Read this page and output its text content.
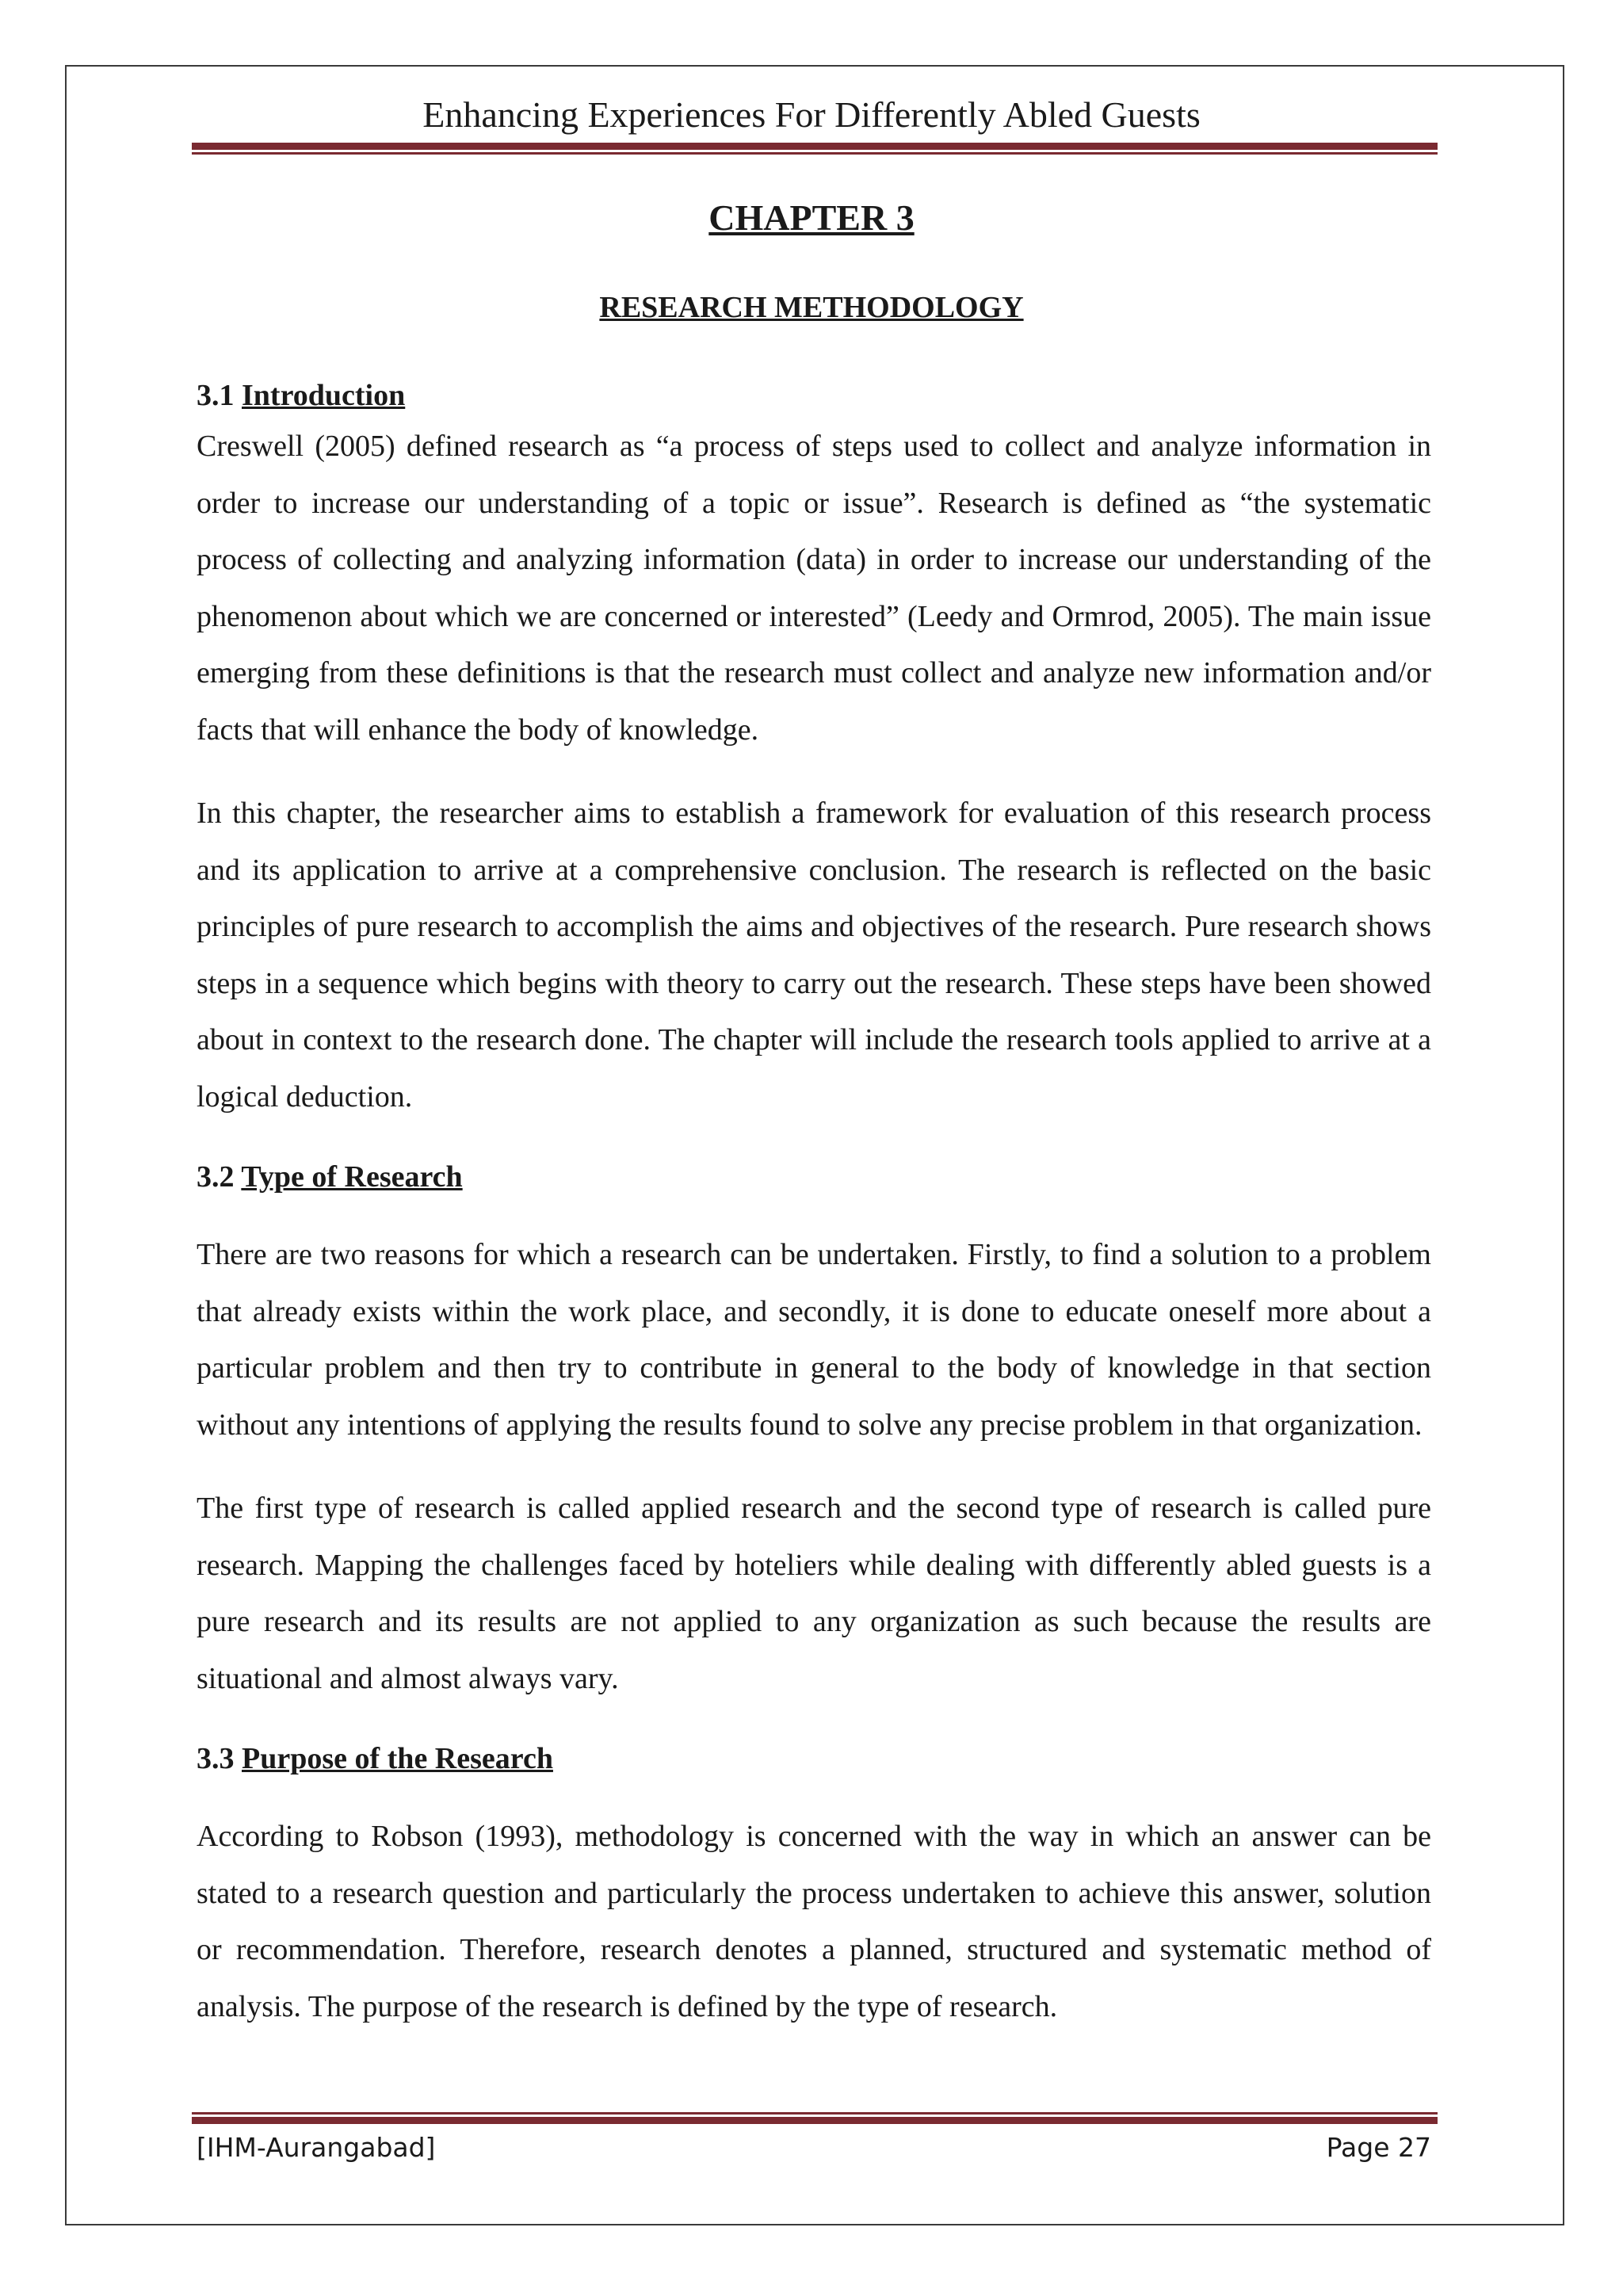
Enhancing Experiences For Differently Abled Guests
CHAPTER 3
RESEARCH METHODOLOGY

3.1 Introduction

Creswell (2005) defined research as “a process of steps used to collect and analyze information in order to increase our understanding of a topic or issue”. Research is defined as “the systematic process of collecting and analyzing information (data) in order to increase our understanding of the phenomenon about which we are concerned or interested” (Leedy and Ormrod, 2005). The main issue emerging from these definitions is that the research must collect and analyze new information and/or facts that will enhance the body of knowledge.

In this chapter, the researcher aims to establish a framework for evaluation of this research process and its application to arrive at a comprehensive conclusion. The research is reflected on the basic principles of pure research to accomplish the aims and objectives of the research. Pure research shows steps in a sequence which begins with theory to carry out the research. These steps have been showed about in context to the research done. The chapter will include the research tools applied to arrive at a logical deduction.

3.2 Type of Research

There are two reasons for which a research can be undertaken. Firstly, to find a solution to a problem that already exists within the work place, and secondly, it is done to educate oneself more about a particular problem and then try to contribute in general to the body of knowledge in that section without any intentions of applying the results found to solve any precise problem in that organization.

The first type of research is called applied research and the second type of research is called pure research. Mapping the challenges faced by hoteliers while dealing with differently abled guests is a pure research and its results are not applied to any organization as such because the results are situational and almost always vary.

3.3 Purpose of the Research

According to Robson (1993), methodology is concerned with the way in which an answer can be stated to a research question and particularly the process undertaken to achieve this answer, solution or recommendation. Therefore, research denotes a planned, structured and systematic method of analysis. The purpose of the research is defined by the type of research.

[IHM-Aurangabad]	Page 27
